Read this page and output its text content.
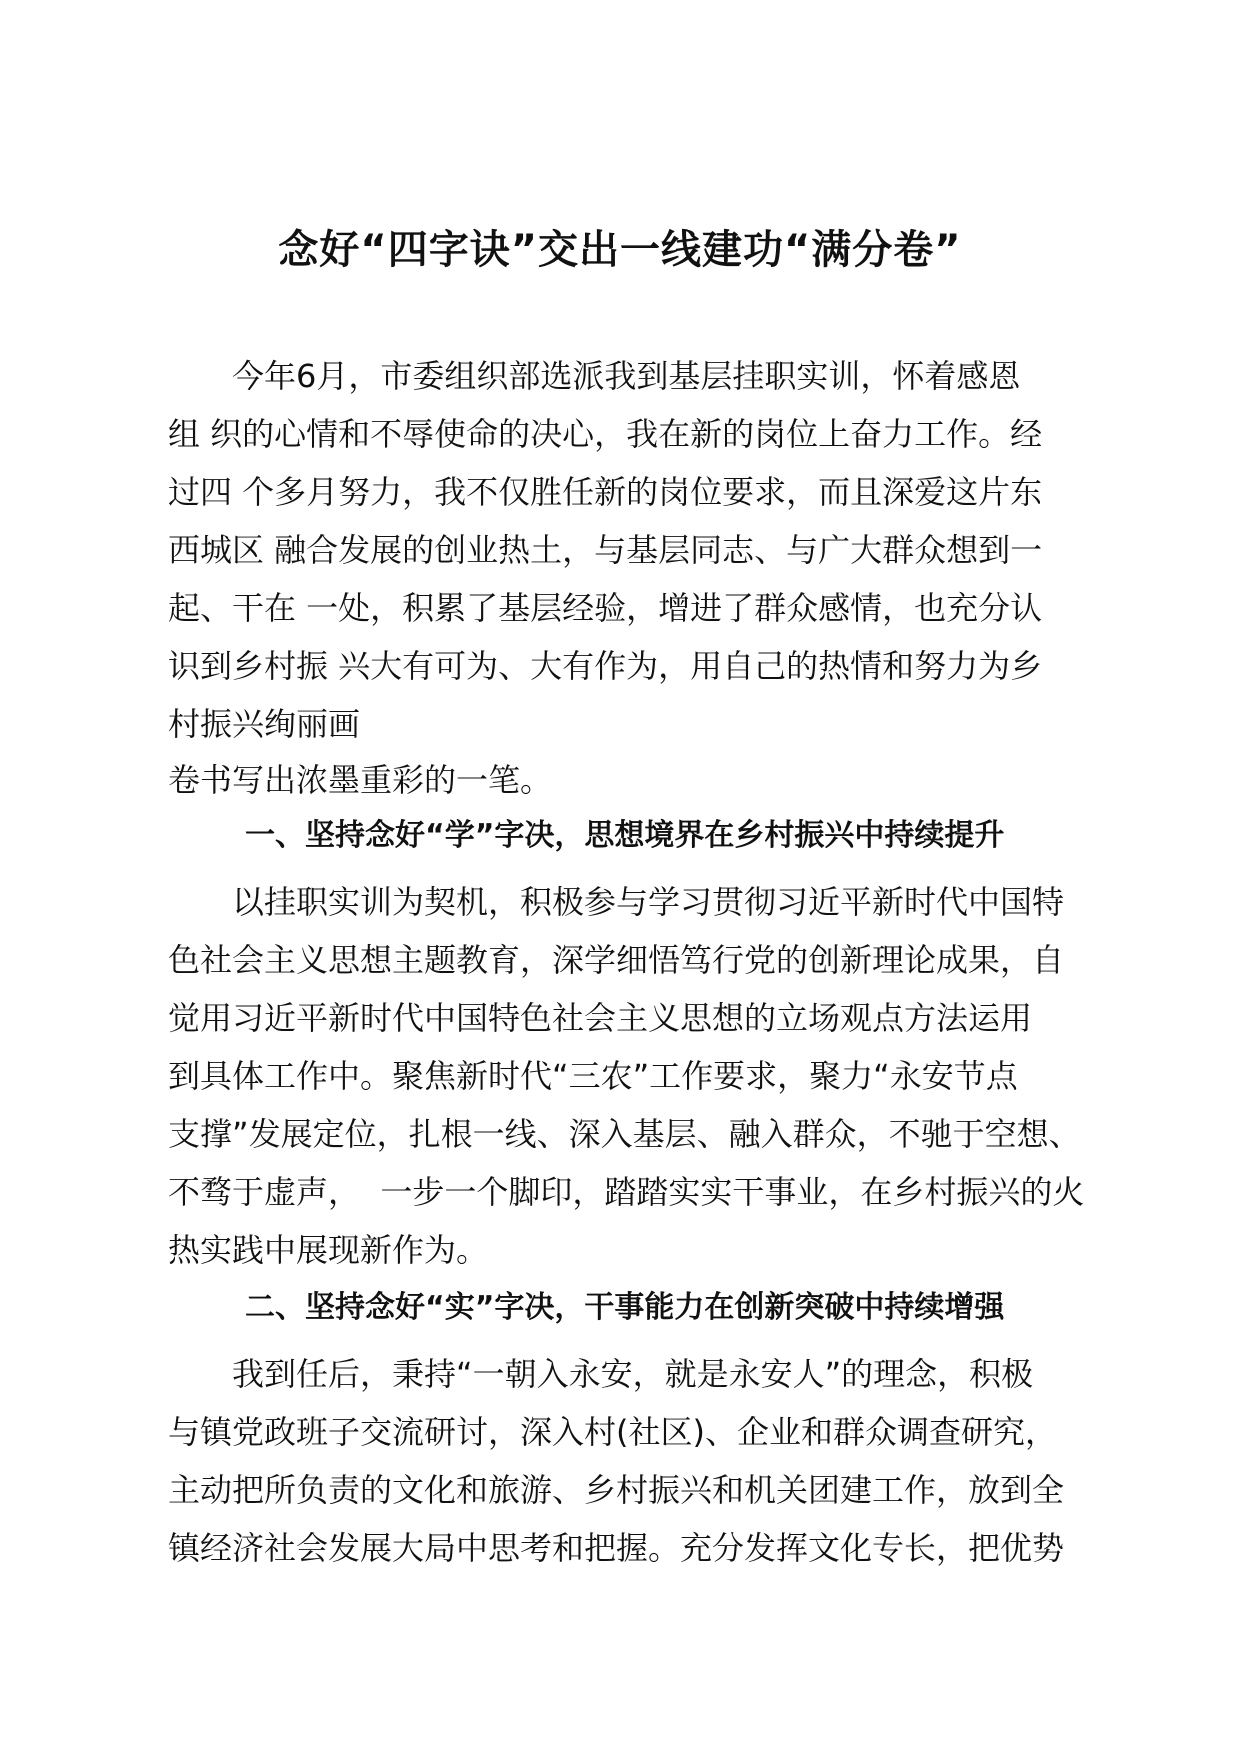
念好“四字诀”交出一线建功“满分卷”

今年6月，市委组织部选派我到基层挂职实训，怀着感恩

组 织的心情和不辱使命的决心，我在新的岗位上奋力工作。经

过四 个多月努力，我不仅胜任新的岗位要求，而且深爱这片东

西城区 融合发展的创业热土，与基层同志、与广大群众想到一

起、干在 一处，积累了基层经验，增进了群众感情，也充分认

识到乡村振 兴大有可为、大有作为，用自己的热情和努力为乡

村振兴绚丽画

卷书写出浓墨重彩的一笔。

一、坚持念好“学”字决，思想境界在乡村振兴中持续提升

以挂职实训为契机，积极参与学习贯彻习近平新时代中国特

色社会主义思想主题教育，深学细悟笃行党的创新理论成果，自

觉用习近平新时代中国特色社会主义思想的立场观点方法运用

到具体工作中。聚焦新时代“三农”工作要求，聚力“永安节点

支撑”发展定位，扎根一线、深入基层、融入群众，不驰于空想、

不骛于虚声，  一步一个脚印，踏踏实实干事业，在乡村振兴的火

热实践中展现新作为。

二、坚持念好“实”字决，干事能力在创新突破中持续增强

我到任后，秉持“一朝入永安，就是永安人”的理念，积极

与镇党政班子交流研讨，深入村(社区)、企业和群众调查研究，

主动把所负责的文化和旅游、乡村振兴和机关团建工作，放到全

镇经济社会发展大局中思考和把握。充分发挥文化专长，把优势
